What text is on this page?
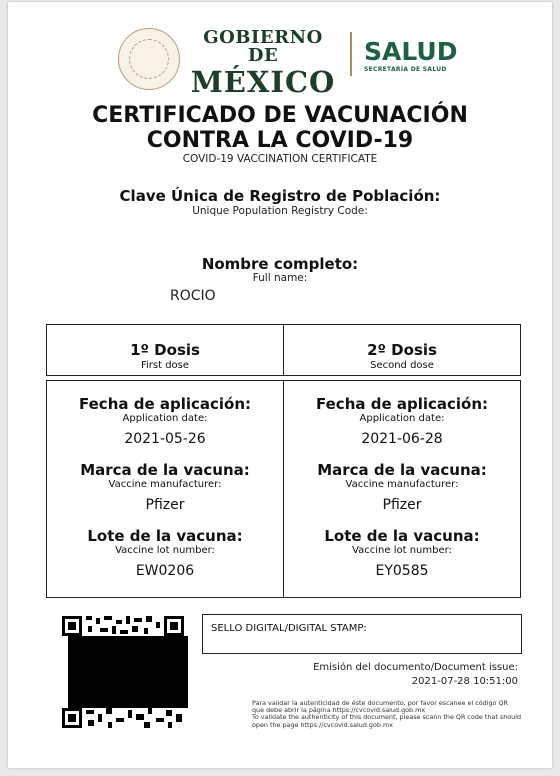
GOBIERNO DE
MÉXICO
SALUD
SECRETARÍA DE SALUD
CERTIFICADO DE VACUNACIÓN
CONTRA LA COVID-19
COVID-19 VACCINATION CERTIFICATE
Clave Única de Registro de Población:
Unique Population Registry Code:
Nombre completo:
Full name:
ROCIO
1º Dosis
First dose
2º Dosis
Second dose
Fecha de aplicación:
Application date:
2021-05-26
Marca de la vacuna:
Vaccine manufacturer:
Pfizer
Lote de la vacuna:
Vaccine lot number:
EW0206
Fecha de aplicación:
Application date:
2021-06-28
Marca de la vacuna:
Vaccine manufacturer:
Pfizer
Lote de la vacuna:
Vaccine lot number:
EY0585
SELLO DIGITAL/DIGITAL STAMP:
Emisión del documento/Document issue:
2021-07-28 10:51:00
Para validar la autenticidad de éste documento, por favor escanee el código QR que debe abrir la página https://cvcovid.salud.gob.mx
To validate the authenticity of this document, please scann the QR code that should open the page https://cvcovid.salud.gob.mx
